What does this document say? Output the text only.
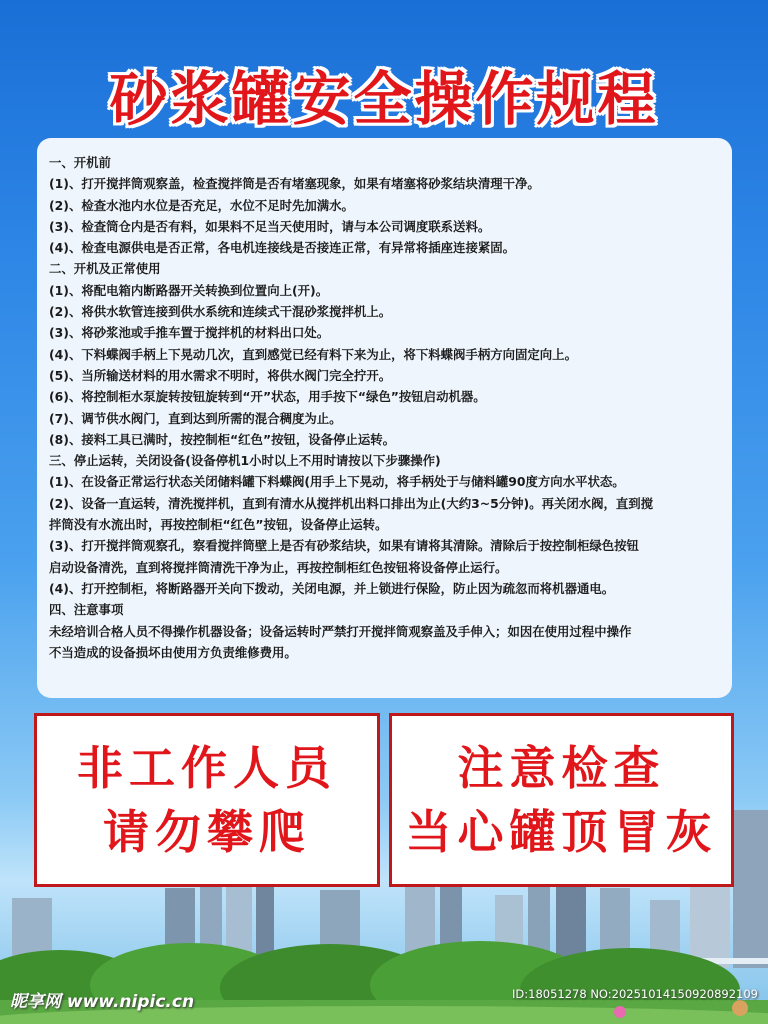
砂浆罐安全操作规程
一、开机前
(1)、打开搅拌筒观察盖，检查搅拌筒是否有堵塞现象，如果有堵塞将砂浆结块清理干净。
(2)、检查水池内水位是否充足，水位不足时先加满水。
(3)、检查筒仓内是否有料，如果料不足当天使用时，请与本公司调度联系送料。
(4)、检查电源供电是否正常，各电机连接线是否接连正常，有异常将插座连接紧固。
二、开机及正常使用
(1)、将配电箱内断路器开关转换到位置向上(开)。
(2)、将供水软管连接到供水系统和连续式干混砂浆搅拌机上。
(3)、将砂浆池或手推车置于搅拌机的材料出口处。
(4)、下料蝶阀手柄上下晃动几次，直到感觉已经有料下来为止，将下料蝶阀手柄方向固定向上。
(5)、当所输送材料的用水需求不明时，将供水阀门完全拧开。
(6)、将控制柜水泵旋转按钮旋转到“开”状态，用手按下“绿色”按钮启动机器。
(7)、调节供水阀门，直到达到所需的混合稠度为止。
(8)、接料工具已满时，按控制柜“红色”按钮，设备停止运转。
三、停止运转，关闭设备(设备停机1小时以上不用时请按以下步骤操作)
(1)、在设备正常运行状态关闭储料罐下料蝶阀(用手上下晃动，将手柄处于与储料罐90度方向水平状态。
(2)、设备一直运转，清洗搅拌机，直到有清水从搅拌机出料口排出为止(大约3~5分钟)。再关闭水阀，直到搅
拌筒没有水流出时，再按控制柜“红色”按钮，设备停止运转。
(3)、打开搅拌筒观察孔，察看搅拌筒壁上是否有砂浆结块，如果有请将其清除。清除后于按控制柜绿色按钮
启动设备清洗，直到将搅拌筒清洗干净为止，再按控制柜红色按钮将设备停止运行。
(4)、打开控制柜，将断路器开关向下拨动，关闭电源，并上锁进行保险，防止因为疏忽而将机器通电。
四、注意事项
未经培训合格人员不得操作机器设备；设备运转时严禁打开搅拌筒观察盖及手伸入；如因在使用过程中操作
不当造成的设备损坏由使用方负责维修费用。
非工作人员
请勿攀爬
注意检查
当心罐顶冒灰
昵享网 www.nipic.cn	ID:18051278 NO:20251014150920892109
